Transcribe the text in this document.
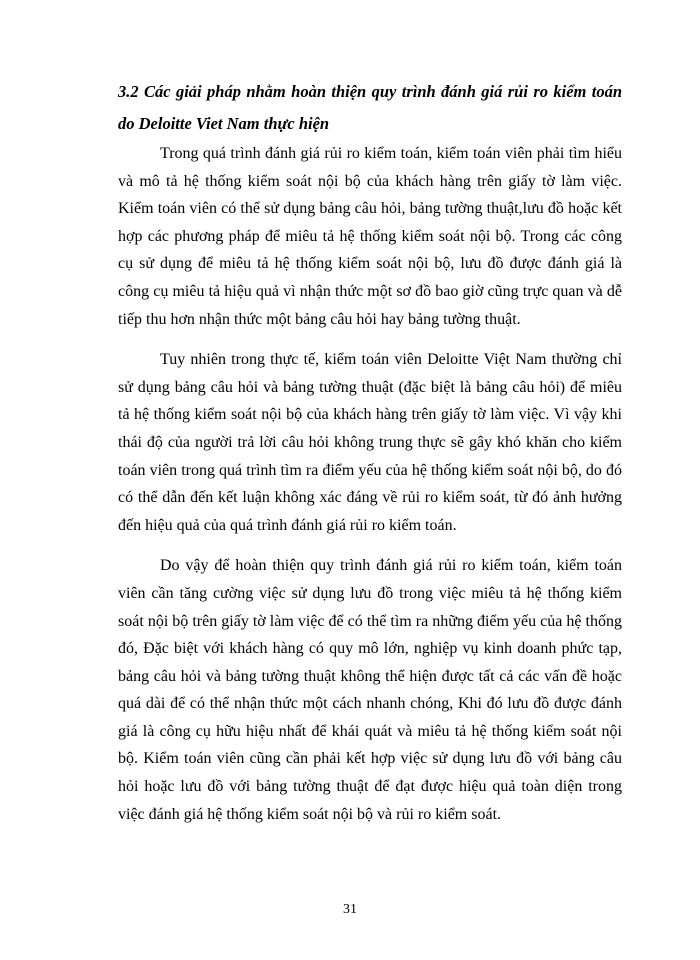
3.2 Các giải pháp nhằm hoàn thiện quy trình đánh giá rủi ro kiểm toán do Deloitte Viet Nam thực hiện

Trong quá trình đánh giá rủi ro kiểm toán, kiểm toán viên phải tìm hiểu và mô tả hệ thống kiểm soát nội bộ của khách hàng trên giấy tờ làm việc. Kiểm toán viên có thể sử dụng bảng câu hỏi, bảng tường thuật,lưu đồ hoặc kết hợp các phương pháp để miêu tả hệ thống kiểm soát nội bộ. Trong các công cụ sử dụng để miêu tả hệ thống kiểm soát nội bộ, lưu đồ được đánh giá là công cụ miêu tả hiệu quả vì nhận thức một sơ đồ bao giờ cũng trực quan và dễ tiếp thu hơn nhận thức một bảng câu hỏi hay bảng tường thuật.

Tuy nhiên trong thực tế, kiểm toán viên Deloitte Việt Nam thường chỉ sử dụng bảng câu hỏi và bảng tường thuật (đặc biệt là bảng câu hỏi) để miêu tả hệ thống kiểm soát nội bộ của khách hàng trên giấy tờ làm việc. Vì vậy khi thái độ của người trả lời câu hỏi không trung thực sẽ gây khó khăn cho kiểm toán viên trong quá trình tìm ra điểm yếu của hệ thống kiểm soát nội bộ, do đó có thể dẫn đến kết luận không xác đáng về rủi ro kiểm soát, từ đó ảnh hưởng đến hiệu quả của quá trình đánh giá rủi ro kiểm toán.

Do vậy để hoàn thiện quy trình đánh giá rủi ro kiểm toán, kiểm toán viên cần tăng cường việc sử dụng lưu đồ trong việc miêu tả hệ thống kiểm soát nội bộ trên giấy tờ làm việc để có thể tìm ra những điểm yếu của hệ thống đó, Đặc biệt với khách hàng có quy mô lớn, nghiệp vụ kinh doanh phức tạp, bảng câu hỏi và bảng tường thuật không thể hiện được tất cả các vấn đề hoặc quá dài để có thể nhận thức một cách nhanh chóng, Khi đó lưu đồ được đánh giá là công cụ hữu hiệu nhất để khái quát và miêu tả hệ thống kiểm soát nội bộ. Kiểm toán viên cũng cần phải kết hợp việc sử dụng lưu đồ với bảng câu hỏi hoặc lưu đồ với bảng tường thuật để đạt được hiệu quả toàn diện trong việc đánh giá hệ thống kiểm soát nội bộ và rủi ro kiểm soát.

31
